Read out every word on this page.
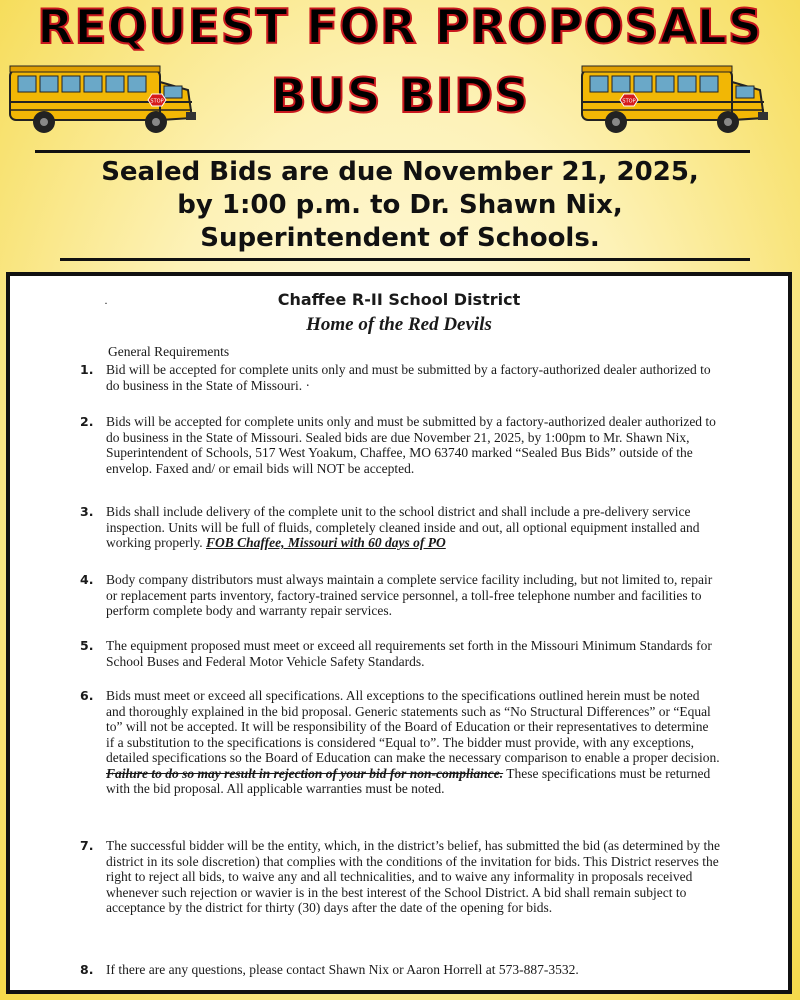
REQUEST FOR PROPOSALS
STOP	STOP
BUS BIDS
Sealed Bids are due November 21, 2025,
by 1:00 p.m. to Dr. Shawn Nix,
Superintendent of Schools.
·	Chaffee R-II School District
Home of the Red Devils
General Requirements
1. Bid will be accepted for complete units only and must be submitted by a factory-authorized dealer authorized to do business in the State of Missouri. ·
2. Bids will be accepted for complete units only and must be submitted by a factory-authorized dealer authorized to do business in the State of Missouri. Sealed bids are due November 21, 2025, by 1:00pm to Mr. Shawn Nix, Superintendent of Schools, 517 West Yoakum, Chaffee, MO 63740 marked “Sealed Bus Bids” outside of the envelop. Faxed and/ or email bids will NOT be accepted.
3. Bids shall include delivery of the complete unit to the school district and shall include a pre-delivery service inspection. Units will be full of fluids, completely cleaned inside and out, all optional equipment installed and working properly. FOB Chaffee, Missouri with 60 days of PO
4. Body company distributors must always maintain a complete service facility including, but not limited to, repair or replacement parts inventory, factory-trained service personnel, a toll-free telephone number and facilities to perform complete body and warranty repair services.
5. The equipment proposed must meet or exceed all requirements set forth in the Missouri Minimum Standards for School Buses and Federal Motor Vehicle Safety Standards.
6. Bids must meet or exceed all specifications. All exceptions to the specifications outlined herein must be noted and thoroughly explained in the bid proposal. Generic statements such as “No Structural Differences” or “Equal to” will not be accepted. It will be responsibility of the Board of Education or their representatives to determine if a substitution to the specifications is considered “Equal to”. The bidder must provide, with any exceptions, detailed specifications so the Board of Education can make the necessary comparison to enable a proper decision. Failure to do so may result in rejection of your bid for non-compliance. These specifications must be returned with the bid proposal. All applicable warranties must be noted.
7. The successful bidder will be the entity, which, in the district’s belief, has submitted the bid (as determined by the district in its sole discretion) that complies with the conditions of the invitation for bids. This District reserves the right to reject all bids, to waive any and all technicalities, and to waive any informality in proposals received whenever such rejection or wavier is in the best interest of the School District. A bid shall remain subject to acceptance by the district for thirty (30) days after the date of the opening for bids.
8. If there are any questions, please contact Shawn Nix or Aaron Horrell at 573-887-3532.
